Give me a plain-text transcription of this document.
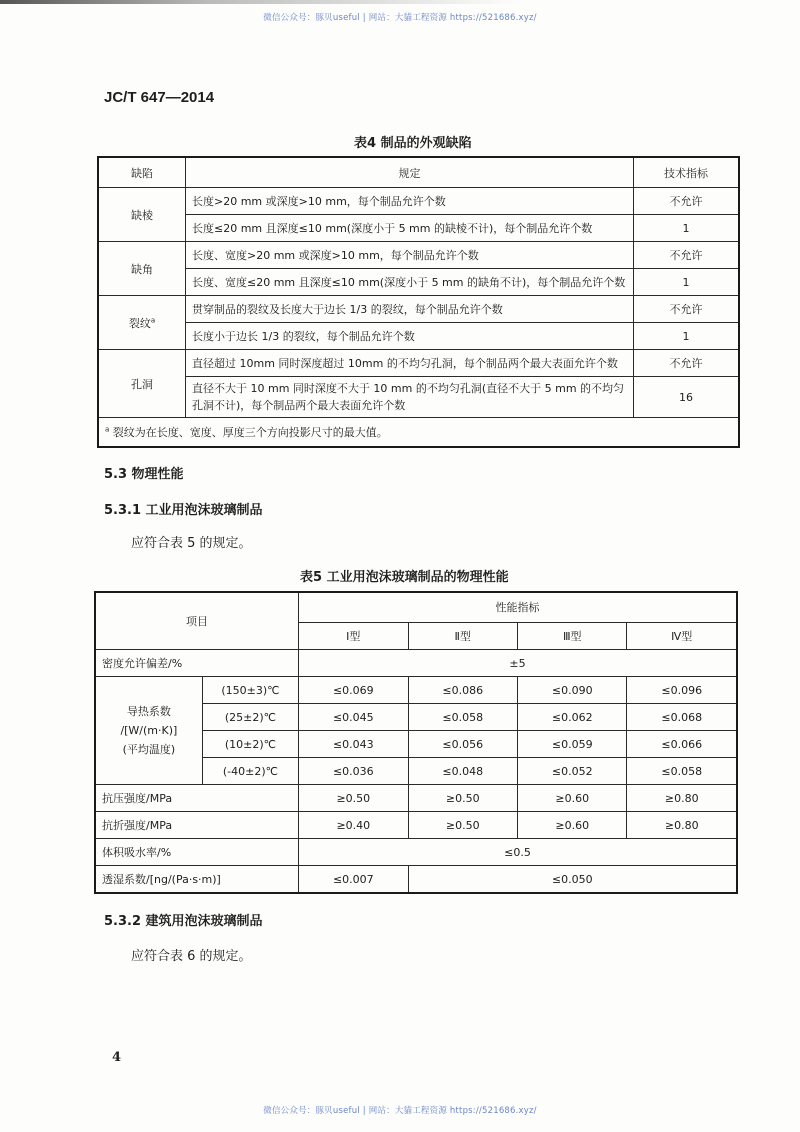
微信公众号：豚贝useful | 网站：大貓工程资源 https://521686.xyz/
JC/T 647—2014
表4 制品的外观缺陷
缺陷	规定	技术指标
缺棱	长度>20 mm 或深度>10 mm，每个制品允许个数	不允许
	长度≤20 mm 且深度≤10 mm(深度小于 5 mm 的缺棱不计)，每个制品允许个数	1
缺角	长度、宽度>20 mm 或深度>10 mm，每个制品允许个数	不允许
	长度、宽度≤20 mm 且深度≤10 mm(深度小于 5 mm 的缺角不计)，每个制品允许个数	1
裂纹$^a$	贯穿制品的裂纹及长度大于边长 1/3 的裂纹，每个制品允许个数	不允许
	长度小于边长 1/3 的裂纹，每个制品允许个数	1
孔洞	直径超过 10mm 同时深度超过 10mm 的不均匀孔洞，每个制品两个最大表面允许个数	不允许
	直径不大于 10 mm 同时深度不大于 10 mm 的不均匀孔洞(直径不大于 5 mm 的不均匀孔洞不计)，每个制品两个最大表面允许个数	16
$^a$ 裂纹为在长度、宽度、厚度三个方向投影尺寸的最大值。		
5.3 物理性能
5.3.1 工业用泡沫玻璃制品
应符合表 5 的规定。
表5 工业用泡沫玻璃制品的物理性能
项目		性能指标			
		Ⅰ型	Ⅱ型	Ⅲ型	Ⅳ型
密度允许偏差/%		±5			

导热系数
/[W/(m·K)]
(平均温度)	(150±3)℃	≤0.069	≤0.086	≤0.090	≤0.096
	(25±2)℃	≤0.045	≤0.058	≤0.062	≤0.068
	(10±2)℃	≤0.043	≤0.056	≤0.059	≤0.066
	(-40±2)℃	≤0.036	≤0.048	≤0.052	≤0.058
抗压强度/MPa		≥0.50	≥0.50	≥0.60	≥0.80
抗折强度/MPa		≥0.40	≥0.50	≥0.60	≥0.80
体积吸水率/%		≤0.5			
透湿系数/[ng/(Pa·s·m)]		≤0.007	≤0.050		
5.3.2 建筑用泡沫玻璃制品
应符合表 6 的规定。
4
微信公众号：豚贝useful | 网站：大貓工程资源 https://521686.xyz/
